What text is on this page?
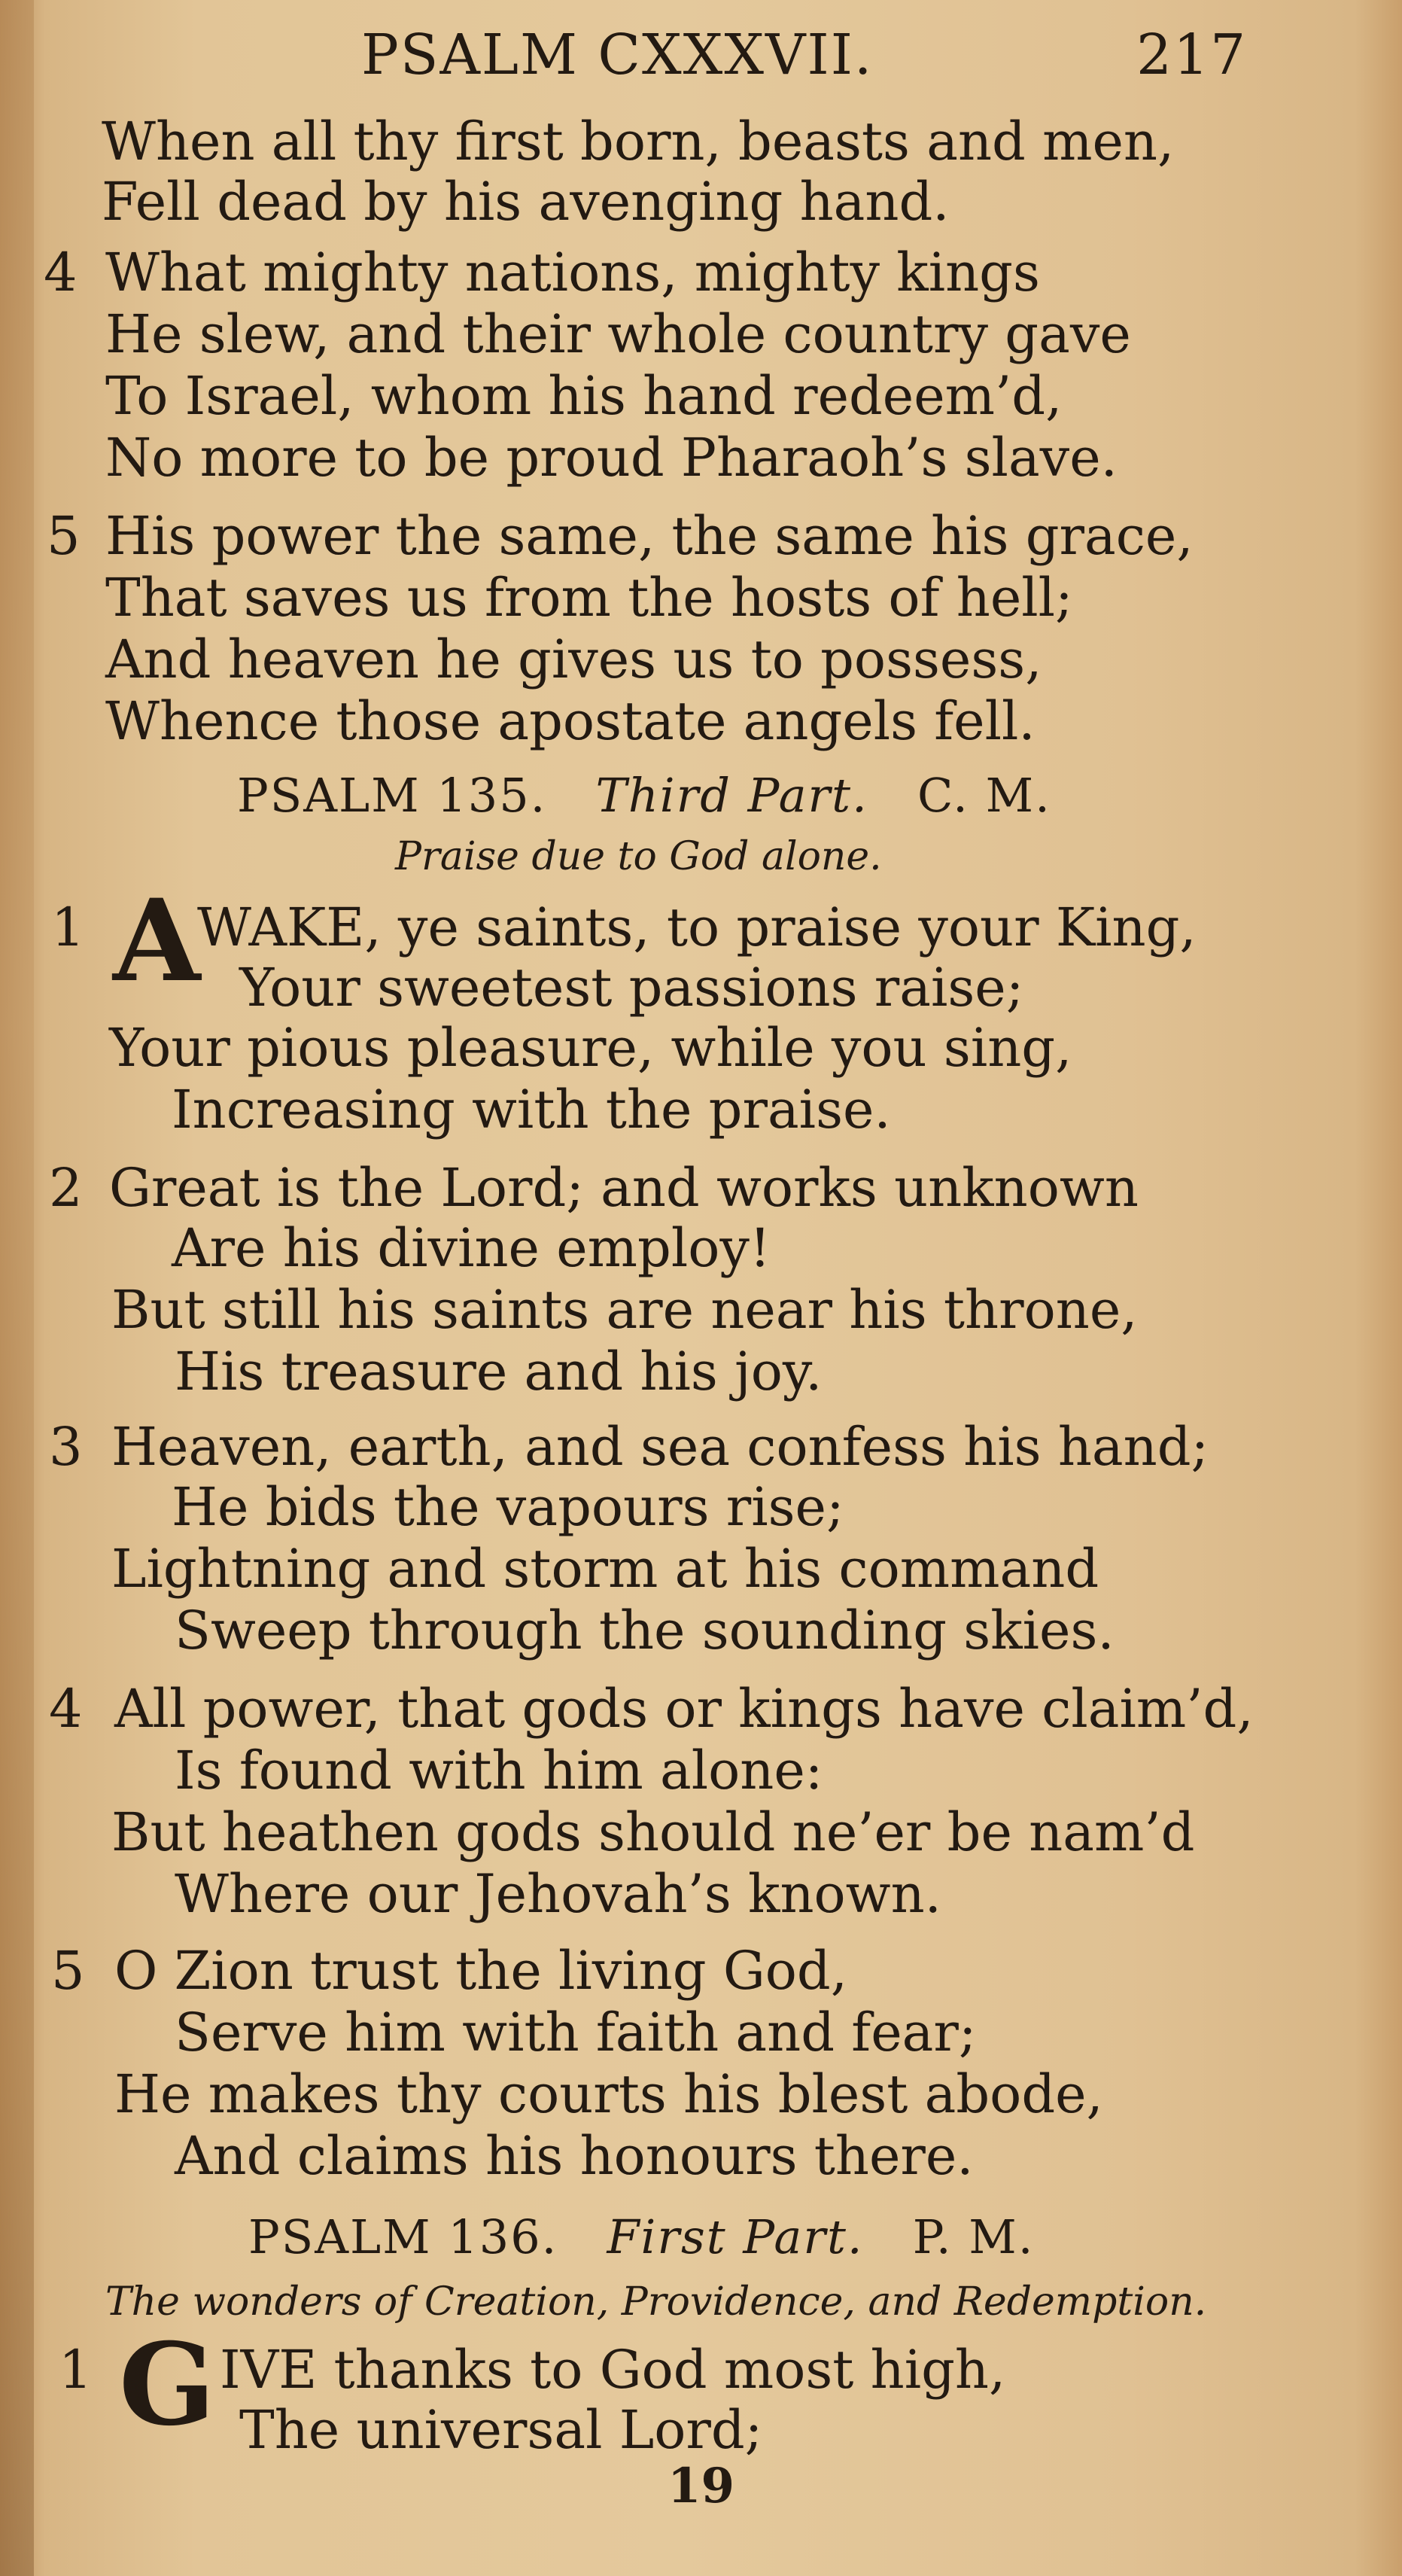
PSALM CXXXVII.	217
When all thy first born, beasts and men,
Fell dead by his avenging hand.
4 What mighty nations, mighty kings
He slew, and their whole country gave
To Israel, whom his hand redeem’d,
No more to be proud Pharaoh’s slave.
5 His power the same, the same his grace,
That saves us from the hosts of hell;
And heaven he gives us to possess,
Whence those apostate angels fell.
PSALM 135. Third Part. C. M.
Praise due to God alone.
1 A
WAKE, ye saints, to praise your King,
Your sweetest passions raise;
Your pious pleasure, while you sing,
Increasing with the praise.
2 Great is the Lord; and works unknown
Are his divine employ!
But still his saints are near his throne,
His treasure and his joy.
3 Heaven, earth, and sea confess his hand;
He bids the vapours rise;
Lightning and storm at his command
Sweep through the sounding skies.
4 All power, that gods or kings have claim’d,
Is found with him alone:
But heathen gods should ne’er be nam’d
Where our Jehovah’s known.
5 O Zion trust the living God,
Serve him with faith and fear;
He makes thy courts his blest abode,
And claims his honours there.
PSALM 136. First Part. P. M.
The wonders of Creation, Providence, and Redemption.
1 G IVE thanks to God most high,
The universal Lord;
19
